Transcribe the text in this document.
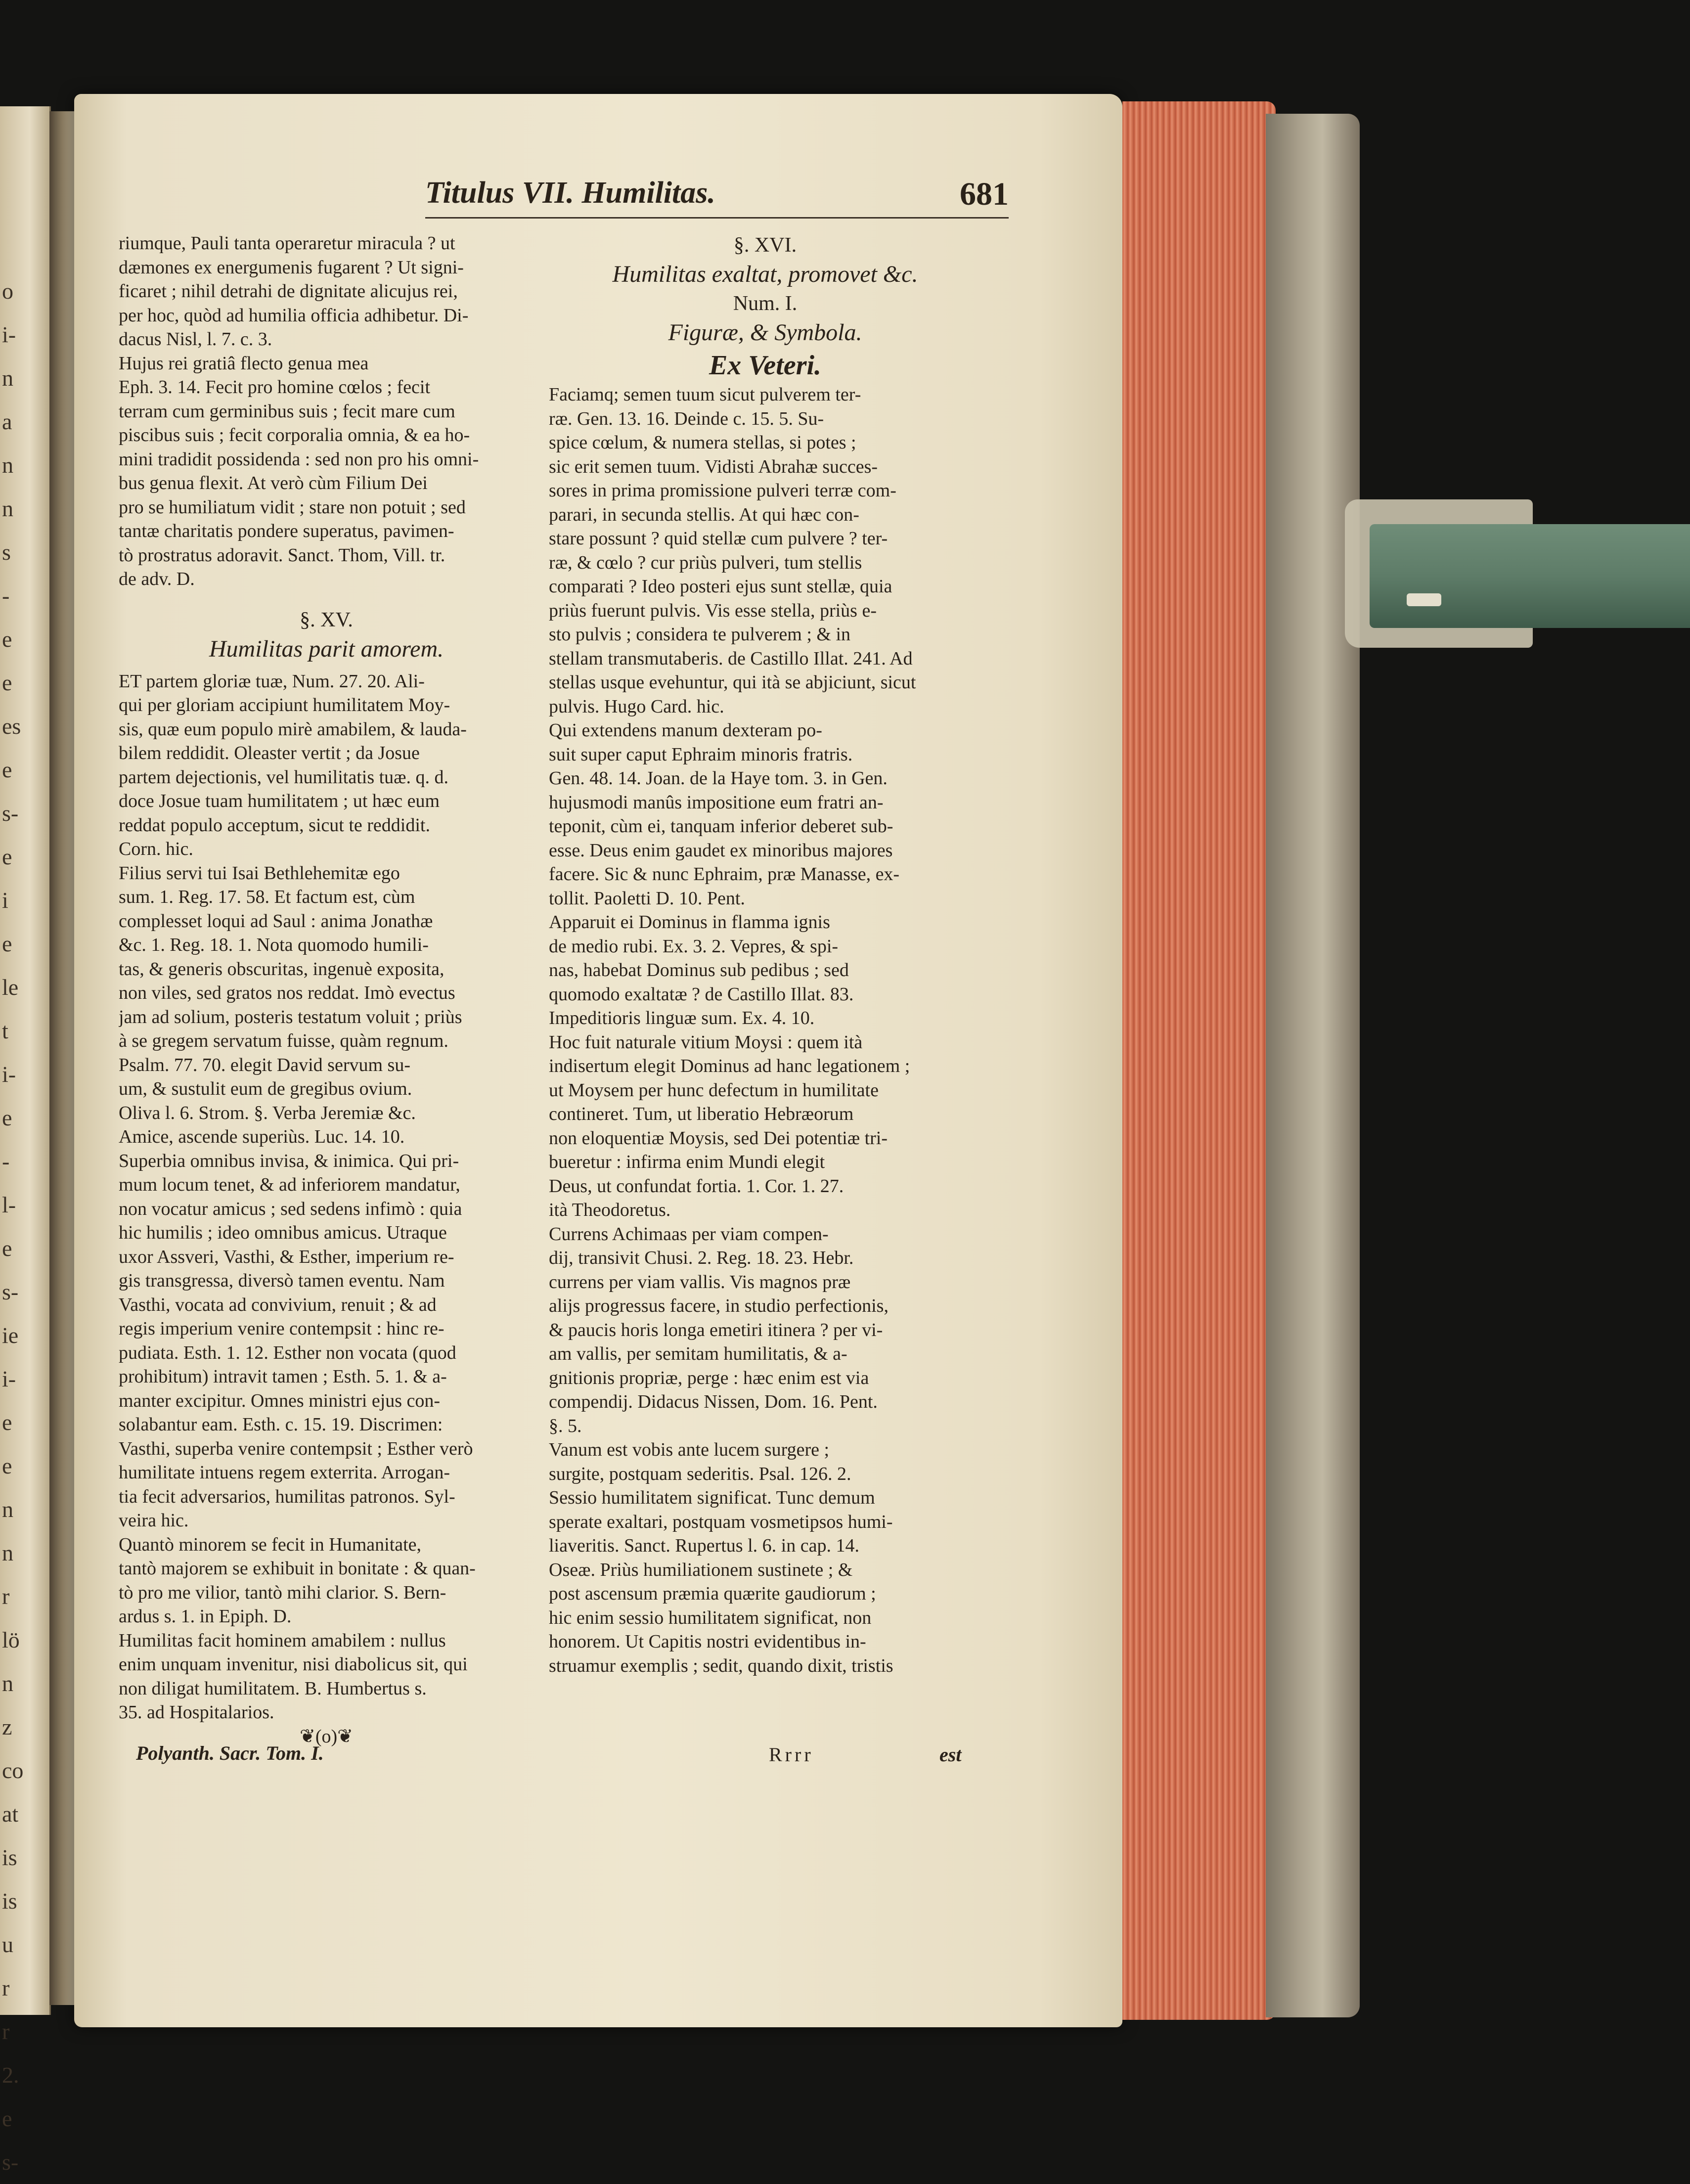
o
i-
n
a
n
n
s
-
e
e
es
e
s-
e
i
e
le
t
i-
e
-
l-
e
s-
ie
i-
e
e
n
n
r
lö
n
z
co
at
is
is
u
r
r
2.
e
s-
Titulus VII. Humilitas.	681
riumque, Pauli tanta operaretur miracula ? ut
dæmones ex energumenis fugarent ? Ut signi-
ficaret ; nihil detrahi de dignitate alicujus rei,
per hoc, quòd ad humilia officia adhibetur. Di-
dacus Nisl, l. 7. c. 3.
Hujus rei gratiâ flecto genua mea
Eph. 3. 14. Fecit pro homine cœlos ; fecit
terram cum germinibus suis ; fecit mare cum
piscibus suis ; fecit corporalia omnia, & ea ho-
mini tradidit possidenda : sed non pro his omni-
bus genua flexit. At verò cùm Filium Dei
pro se humiliatum vidit ; stare non potuit ; sed
tantæ charitatis pondere superatus, pavimen-
tò prostratus adoravit. Sanct. Thom, Vill. tr.
de adv. D.
§. XV.
Humilitas parit amorem.
ET partem gloriæ tuæ, Num. 27. 20. Ali-
qui per gloriam accipiunt humilitatem Moy-
sis, quæ eum populo mirè amabilem, & lauda-
bilem reddidit. Oleaster vertit ; da Josue
partem dejectionis, vel humilitatis tuæ. q. d.
doce Josue tuam humilitatem ; ut hæc eum
reddat populo acceptum, sicut te reddidit.
Corn. hic.
Filius servi tui Isai Bethlehemitæ ego
sum. 1. Reg. 17. 58. Et factum est, cùm
complesset loqui ad Saul : anima Jonathæ
&c. 1. Reg. 18. 1. Nota quomodo humili-
tas, & generis obscuritas, ingenuè exposita,
non viles, sed gratos nos reddat. Imò evectus
jam ad solium, posteris testatum voluit ; priùs
à se gregem servatum fuisse, quàm regnum.
Psalm. 77. 70. elegit David servum su-
um, & sustulit eum de gregibus ovium.
Oliva l. 6. Strom. §. Verba Jeremiæ &c.
Amice, ascende superiùs. Luc. 14. 10.
Superbia omnibus invisa, & inimica. Qui pri-
mum locum tenet, & ad inferiorem mandatur,
non vocatur amicus ; sed sedens infimò : quia
hic humilis ; ideo omnibus amicus. Utraque
uxor Assveri, Vasthi, & Esther, imperium re-
gis transgressa, diversò tamen eventu. Nam
Vasthi, vocata ad convivium, renuit ; & ad
regis imperium venire contempsit : hinc re-
pudiata. Esth. 1. 12. Esther non vocata (quod
prohibitum) intravit tamen ; Esth. 5. 1. & a-
manter excipitur. Omnes ministri ejus con-
solabantur eam. Esth. c. 15. 19. Discrimen:
Vasthi, superba venire contempsit ; Esther verò
humilitate intuens regem exterrita. Arrogan-
tia fecit adversarios, humilitas patronos. Syl-
veira hic.
Quantò minorem se fecit in Humanitate,
tantò majorem se exhibuit in bonitate : & quan-
tò pro me vilior, tantò mihi clarior. S. Bern-
ardus s. 1. in Epiph. D.
Humilitas facit hominem amabilem : nullus
enim unquam invenitur, nisi diabolicus sit, qui
non diligat humilitatem. B. Humbertus s.
35. ad Hospitalarios.
❦(o)❦
§. XVI.
Humilitas exaltat, promovet &c.
Num. I.
Figuræ, & Symbola.
Ex Veteri.
Faciamq; semen tuum sicut pulverem ter-
ræ. Gen. 13. 16. Deinde c. 15. 5. Su-
spice cœlum, & numera stellas, si potes ;
sic erit semen tuum. Vidisti Abrahæ succes-
sores in prima promissione pulveri terræ com-
parari, in secunda stellis. At qui hæc con-
stare possunt ? quid stellæ cum pulvere ? ter-
ræ, & cœlo ? cur priùs pulveri, tum stellis
comparati ? Ideo posteri ejus sunt stellæ, quia
priùs fuerunt pulvis. Vis esse stella, priùs e-
sto pulvis ; considera te pulverem ; & in
stellam transmutaberis. de Castillo Illat. 241. Ad
stellas usque evehuntur, qui ità se abjiciunt, sicut
pulvis. Hugo Card. hic.
Qui extendens manum dexteram po-
suit super caput Ephraim minoris fratris.
Gen. 48. 14. Joan. de la Haye tom. 3. in Gen.
hujusmodi manûs impositione eum fratri an-
teponit, cùm ei, tanquam inferior deberet sub-
esse. Deus enim gaudet ex minoribus majores
facere. Sic & nunc Ephraim, præ Manasse, ex-
tollit. Paoletti D. 10. Pent.
Apparuit ei Dominus in flamma ignis
de medio rubi. Ex. 3. 2. Vepres, & spi-
nas, habebat Dominus sub pedibus ; sed
quomodo exaltatæ ? de Castillo Illat. 83.
Impeditioris linguæ sum. Ex. 4. 10.
Hoc fuit naturale vitium Moysi : quem ità
indisertum elegit Dominus ad hanc legationem ;
ut Moysem per hunc defectum in humilitate
contineret. Tum, ut liberatio Hebræorum
non eloquentiæ Moysis, sed Dei potentiæ tri-
bueretur : infirma enim Mundi elegit
Deus, ut confundat fortia. 1. Cor. 1. 27.
ità Theodoretus.
Currens Achimaas per viam compen-
dij, transivit Chusi. 2. Reg. 18. 23. Hebr.
currens per viam vallis. Vis magnos præ
alijs progressus facere, in studio perfectionis,
& paucis horis longa emetiri itinera ? per vi-
am vallis, per semitam humilitatis, & a-
gnitionis propriæ, perge : hæc enim est via
compendij. Didacus Nissen, Dom. 16. Pent.
§. 5.
Vanum est vobis ante lucem surgere ;
surgite, postquam sederitis. Psal. 126. 2.
Sessio humilitatem significat. Tunc demum
sperate exaltari, postquam vosmetipsos humi-
liaveritis. Sanct. Rupertus l. 6. in cap. 14.
Oseæ. Priùs humiliationem sustinete ; &
post ascensum præmia quærite gaudiorum ;
hic enim sessio humilitatem significat, non
honorem. Ut Capitis nostri evidentibus in-
struamur exemplis ; sedit, quando dixit, tristis
Polyanth. Sacr. Tom. I.	Rrrr	est
